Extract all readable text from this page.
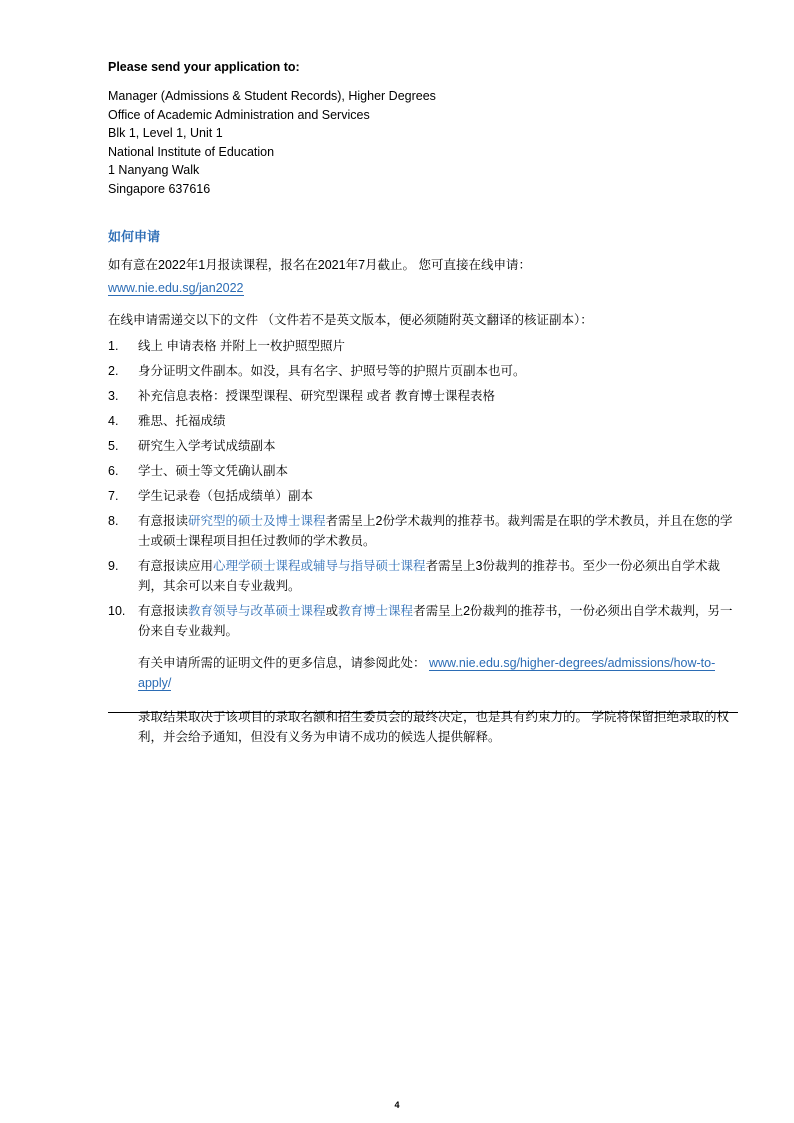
Please send your application to:
Manager (Admissions & Student Records), Higher Degrees
Office of Academic Administration and Services
Blk 1, Level 1, Unit 1
National Institute of Education
1 Nanyang Walk
Singapore 637616
如何申请
如有意在2022年1月报读课程，报名在2021年7月截止。 您可直接在线申请：
www.nie.edu.sg/jan2022
在线申请需递交以下的文件 （文件若不是英文版本，便必须随附英文翻译的核证副本）：
1.	线上 申请表格 并附上一枚护照型照片
2.	身分证明文件副本。如没，具有名字、护照号等的护照片页副本也可。
3.	补充信息表格：授课型课程、研究型课程 或者 教育博士课程表格
4.	雅思、托福成绩
5.	研究生入学考试成绩副本
6.	学士、硕士等文凭确认副本
7.	学生记录卷（包括成绩单）副本
8.	有意报读研究型的硕士及博士课程者需呈上2份学术裁判的推荐书。裁判需是在职的学术教员，并且在您的学士或硕士课程项目担任过教师的学术教员。
9.	有意报读应用心理学硕士课程或辅导与指导硕士课程者需呈上3份裁判的推荐书。至少一份必须出自学术裁判，其余可以来自专业裁判。
10.	有意报读教育领导与改革硕士课程或教育博士课程者需呈上2份裁判的推荐书，一份必须出自学术裁判，另一份来自专业裁判。
有关申请所需的证明文件的更多信息，请参阅此处： www.nie.edu.sg/higher-degrees/admissions/how-to-apply/
录取结果取决于该项目的录取名额和招生委员会的最终决定，也是具有约束力的。 学院将保留拒绝录取的权利，并会给予通知，但没有义务为申请不成功的候选人提供解释。
4
